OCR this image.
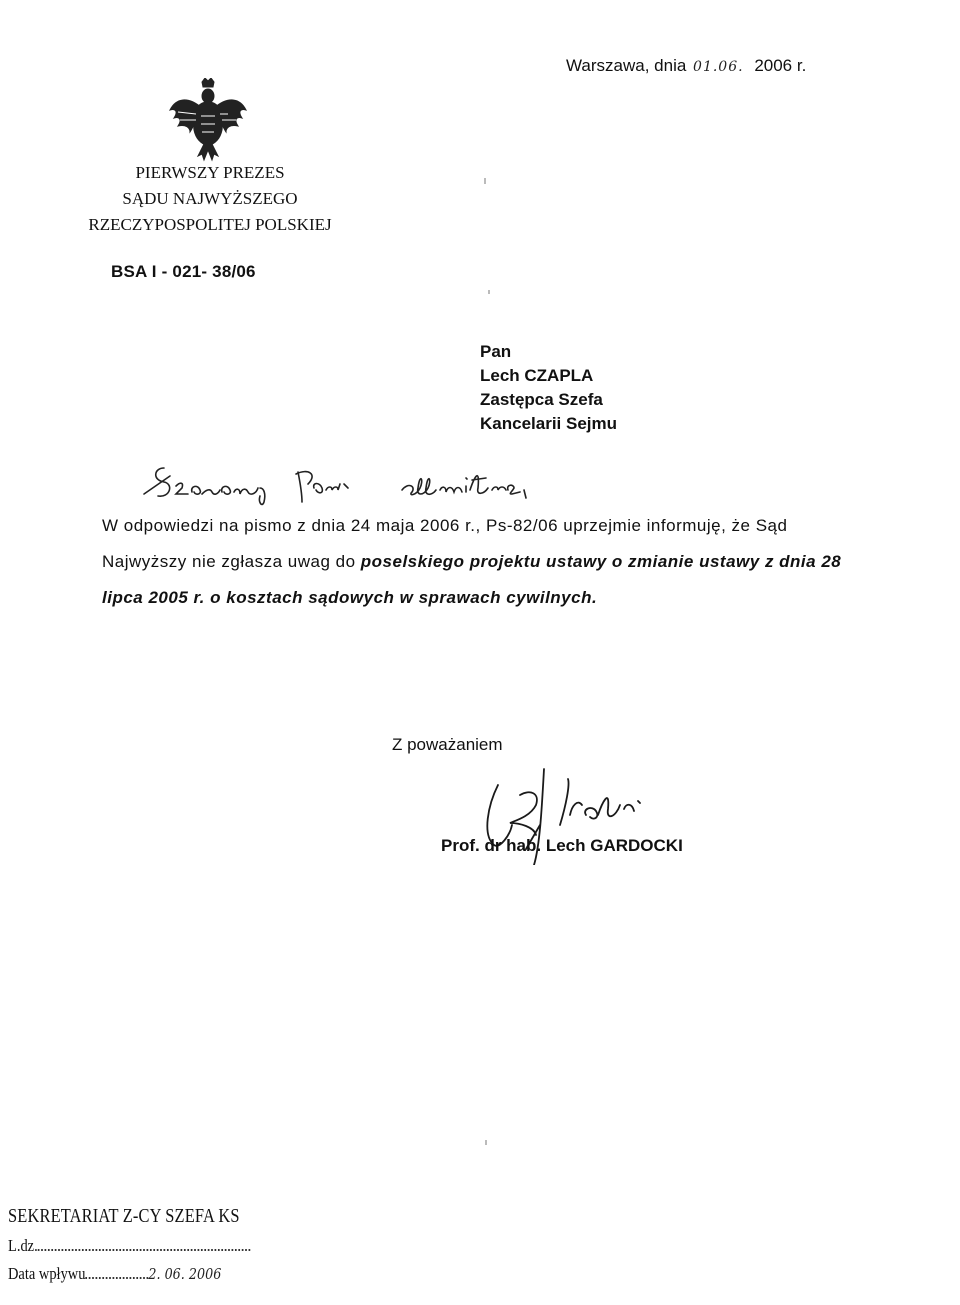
Warszawa, dnia 01.06. 2006 r.
PIERWSZY PREZES
SĄDU NAJWYŻSZEGO
RZECZYPOSPOLITEJ POLSKIEJ
BSA I - 021- 38/06
Pan
Lech CZAPLA
Zastępca Szefa
Kancelarii Sejmu

W odpowiedzi na pismo z dnia 24 maja 2006 r., Ps-82/06 uprzejmie informuję, że Sąd Najwyższy nie zgłasza uwag do poselskiego projektu ustawy o zmianie ustawy z dnia 28 lipca 2005 r. o kosztach sądowych w sprawach cywilnych.

Z poważaniem
Prof. dr hab. Lech GARDOCKI
SEKRETARIAT Z-CY SZEFA KS
L.dz.
Data wpływu	2. 06. 2006
